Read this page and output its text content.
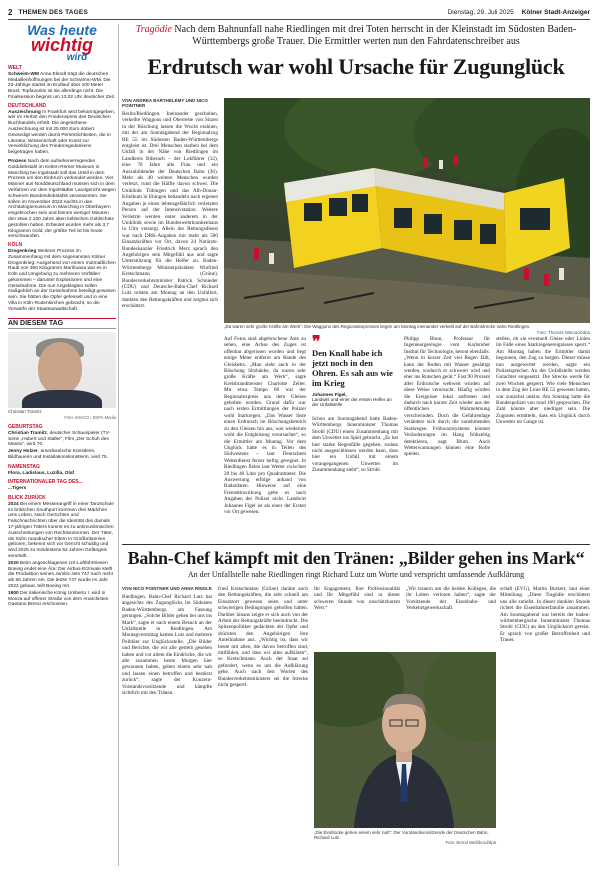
2 THEMEN DES TAGES	Dienstag, 29. Juli 2025 Kölner Stadt-Anzeiger
Was heute
wichtig
wird
WELT
Schweim-WM Anna Elendt trägt die deutschen Medaillenhoffnungen bei der Schwimm-WM. Die 23-Jährige startet im Endlauf über 100 Meter Brust. Topfavoritin ist sie allerdings nicht. Die Finalsession beginnt um 13.02 Uhr deutscher Zeit.
DEUTSCHLAND
Auszeichnung In Frankfurt wird bekanntgegeben, wer im Herbst den Friedenspreis des Deutschen Buchhandels erhält. Die angesehene Auszeichnung ist mit 25.000 Euro dotiert. Gewürdigt werden damit Persönlichkeiten, die in Literatur, Wissenschaft oder Kunst zur Verwirklichung des Friedensgedankens beigetragen haben.
Prozess Nach dem aufsehenerregenden Golddiebstahl im Kelten-Römer Museum in Manching bei Ingolstadt soll das Urteil in dem Prozess um den Einbruch verkündet werden. Vier Männer aus Norddeutschland müssen sich in dem Verfahren vor dem Ingolstädter Landgericht wegen schweren Bandendiebstahls verantworten. Sie sollen im November 2022 nachts in das Archäologiemuseum in Manching in Oberbayern eingebrochen sein und binnen weniger Minuten den etwa 2.100 Jahre alten keltischen Goldschatz gestohlen haben. Erbeutet wurden mehr als 3,7 Kilogramm Gold, der größte Teil ist bis heute verschwunden.
KÖLN
Drogenkrieg Weiterer Prozess im Zusammenhang mit dem sogenannten Kölner Drogenkrieg: Ausgehend von einem mutmaßlichen Raub von 350 Kilogramm Marihuana war es in Köln und Umgebung zu mehreren Vorfällen gekommen – darunter Explosionen und eine Geiselnahme. Die nun Angeklagten sollen maßgeblich an der Geiselnahme beteiligt gewesen sein. Sie hätten die Opfer gefesselt und in eine Villa in Köln-Rodenkirchen gebracht, so die Vorwürfe der Staatsanwaltschaft.
AN DIESEM TAG
Christian Tramitz
Foto: IMAGO / SEPA.Media
GEBURTSTAG
Christian Tramitz, deutscher Schauspieler (TV-Serie „Hubert und Staller“, Film „Der Schuh des Manitu“, wird 70.
Jenny Holzer, amerikanische Künstlerin, Bildhauerin und Installationskünstlerin, wird 75.
NAMENSTAG
Flora, Ladislaus, Luzilla, Olaf
INTERNATIONALER TAG DES...
...Tigers
BLICK ZURÜCK
2024 Bei einem Messerangriff in einer Tanzschule im britischen Southport kommen drei Mädchen ums Leben. Nach Gerüchten und Falschnachrichten über die Identität des damals 17-jährigen Täters kommt es zu antimuslimischen Ausschreitungen von Rechtsextremen. Der Täter, als Sohn ruandischer Eltern in Großbritannien geboren, bekennt sich vor Gericht schuldig und wird 2025 zu mindestens 52 Jahren Gefängnis verurteilt.
2020 Beim angeschlagenen US-Luftfahrtriesen Boeing endet eine Ära: Der Airbus-Erzrivale stellt die Produktion seines Jumbo-Jets 747 nach mehr als 50 Jahren ein. Die letzte 747 wurde im Jahr 2022 gebaut, teilt Boeing mit.
1900 Der italienische König Umberto I. wird in Monza auf offener Straße von dem Anarchisten Gaetano Bresci erschossen.
Tragödie Nach dem Bahnunfall nahe Riedlingen mit drei Toten herrscht in der Kleinstadt im Südosten Baden-Württembergs große Trauer. Die Ermittler werten nun den Fahrdatenschreiber aus
Erdrutsch war wohl Ursache für Zugunglück
VON ANDREA BARTHÉLÉMY UND NICO POINTNER
Berlin/Riedlingen. Ineinander geschoben, verkeilte Waggons und Oberreste von Sitzen in der Böschung lassen die Wucht erahnen, mit der am Sonntagabend der Regionalzug RE 55 im Südosten Baden-Württembergs entgleist ist. Drei Menschen starben bei dem Unfall in der Nähe von Riedlingen im Landkreis Biberach – der Lokführer (32), eine 70 Jahre alte Frau und ein Auszubildender der Deutschen Bahn (36). Mehr als 40 weitere Menschen wurden verletzt, rund die Hälfte davon schwer. Die Uniklinik Tübingen und das Alb-Donau-Klinikum in Ehingen behandeln nach eigenen Angaben je einen lebensgefährlich verletzten Person auf der Intensivstation. Weitere Verletzte werden unter anderem in der Uniklinik sowie im Bundeswehrkrankenhaus in Ulm versorgt. Allein der Rettungsdienst war nach DRK-Angaben mit mehr als 500 Einsatzkräften vor Ort, davon 24 Notärzte. Bundeskanzler Friedrich Merz sprach den Angehörigen sein Mitgefühl aus und sagte Unterstützung für die Helfer zu. Baden-Württembergs Ministerpräsident Winfried Kretschmann (Grüne), Bundesverkehrsminister Patrick Schnieder (CDU) und Deutsche-Bahn-Chef Richard Lutz reisten am Montag an den Unfallort, dankten den Rettungskräften und zeigten sich erschüttert.
„Da waren sehr große Kräfte am Werk“: Die Waggons des Regionalexpresses liegen am Montag ineinander verkeilt auf der Bahnstrecke nahe Riedlingen.
Foto: Thomas Warnack/dpa
Auf Fotos sind abgebrochene Äste zu sehen, eine Achse des Zuges ist offenbar abgerissen worden und liegt einige Meter entfernt am Rande des Gleisbetts. „Man sieht auch in der Böschung Sitzbänke, da waren sehr große Kräfte am Werk“, sagte Kreisbrandmeister Charlotte Zeller. Mit etwa Tempo 80 war der Regionalexpress aus dem Gleises gehoben worden. Grund dafür war nach ersten Ermittlungen der Polizei wohl Starkregen. „Das Wasser löste einen Erdrutsch im Böschungsbereich zu den Gleisen hin aus, was wiederum wohl die Entgleisung verursachte“, so die Ermittler am Montag. Vor dem Unglück hatte es in Teilen des Südwestens – laut Deutschem Wetterdienst ferner heftig geregnet. In Riedlingen fielen laut Wetter zwischen 20 bis 40 Liter pro Quadratmeter. Die Auswertung erfolge anhand von Radardaten. Hinweise auf eine Fremdeinwirkung gebe es nach Angaben der Polizei nicht. Landwirt Johannes Figel ist als einer der Ersten vor Ort gewesen.
❞
Den Knall habe ich jetzt noch in den Ohren. Es sah aus wie im Krieg
Johannes Figel,
Landwirt und einer der ersten Helfer an der Unfallstelle
Schon am Sonntagabend hatte Baden-Württembergs Innenminister Thomas Strobl (CDU) einen Zusammenhang mit dem Unwetter ins Spiel gebracht. „Es hat hier starke Regenfälle gegeben, sodass nicht ausgeschlossen werden kann, dass hier ein Unfall mit einem vorangegangenen Unwetter im Zusammenhang steht“, so Strobl.
Philipp Blum, Professor für Ingenieurgeologie vom Karlsruher Institut für Technologie, betont ebenfalls: „Wenn in kurzer Zeit viel Regen fällt, kann der Boden mit Wasser gesättigt werden, wodurch er schwerer wird und eher ins Rutschen gerät.“ Fast 90 Prozent aller Erdrutsche weltweit würden auf diese Weise verursacht. Häufig würden die Ereignisse lokal auftreten und dadurch nach kurzer Zeit wieder aus der öffentlichen Wahrnehmung verschwinden. Doch die Gefahrenlage verändere sich durch die zunehmenden Starkregen. Frühwarnsysteme können Veränderungen im Hang frühzeitig detektieren, sagt Blum. Auch Wetterwarnungen können eine Rolle spielen.
stellen, ob sie eventuell Gleise oder Linien im Falle eines Starkregenereignisses sperrt.“ Am Montag haben die Ermittler damit begonnen, den Zug zu bergen. Dieser müsse nun ausgewertet werden, sagte ein Polizeisprecher. An der Unfallstelle werden Gutachter eingesetzt. Die Strecke werde für zwei Wochen gesperrt. Wie viele Menschen in dem Zug der Linie RE 55 gewesen hatten, war zunächst unklar. Am Sonntag hatte die Bundespolizei von rund 100 gesprochen. Die Zahl könnte aber niedriger sein. Die Zugtoten ermitteln, dass ein Unglück durch Unwetter im Gange ist.
Bahn-Chef kämpft mit den Tränen: „Bilder gehen ins Mark“
An der Unfallstelle nahe Riedlingen ringt Richard Lutz um Worte und verspricht umfassende Aufklärung
VON NICO POINTNER UND ANNA RINGLE
Riedlingen. Bahn-Chef Richard Lutz hat angesichts des Zugunglücks im Südosten Baden-Württembergs um Fassung gerungen. „Solche Bilder gehen bei uns ins Mark“, sagte er nach einem Besuch an der Unfallstelle in Riedlingen. Am Montagvormittag kamen Lutz und mehrere Politiker zur Unglücksstelle. „Die Bilder und Berichte, die wir alle gestern gesehen haben und vor allem die Eindrücke, die wir alle zusammen heute Morgen hier gewonnen haben, gehen einem sehr nah und lassen einen betroffen und bestürzt zurück“, sagte der Konzern-Vorstandsvorsitzende und kämpfte sichtlich mit den Tränen.
fried Kretschmann (Grüne) dankte auch den Rettungskräften, die sehr schnell am Einsatzort gewesen seien und unter schwierigen Bedingungen geholfen hätten. Darüber hinaus zeigte er sich auch von der Arbeit der Rettungskräfte beeindruckt. Die Spitzenpolitiker gedachten der Opfer und drückten den Angehörigen ihre Anteilnahme aus. „Wichtig ist, dass wir heute mit allen, die davon betroffen sind, mitfühlen, und dass wir alles aufklären“, so Kretschmann. Auch der Staat sei gefordert, wenn es um die Aufklärung gehe. Auch nach den Worten des Bundesverkehrsministers sei die Strecke nicht gesperrt.
Ihr Engagement, Ihre Professionalität und Ihr Mitgefühl sind in dieser schweren Stunde von unschätzbarem Wert.“
„Wir trauern um die beiden Kollegen, die ihr Leben verloren haben“, sagte der Vorsitzende der Eisenbahn- und Verkehrsgewerkschaft.
„Die Eindrücke gehen einem sehr nah“: Der Vorstandsvorsitzende der Deutschen Bahn, Richard Lutz.
Foto: Bernd Weißbrod/dpa
schaft (EVG), Martin Burkert, laut einer Mitteilung. „Diese Tragödie erschüttert uns alle zutiefst. In dieser dunklen Stunde richtet die Eisenbahnerfamilie zusammen. Am Sonntagabend war bereits der baden-württembergische Innenminister Thomas Strobl (CDU) an den Unglücksort gereist. Er sprach von großer Betroffenheit und Trauer.
